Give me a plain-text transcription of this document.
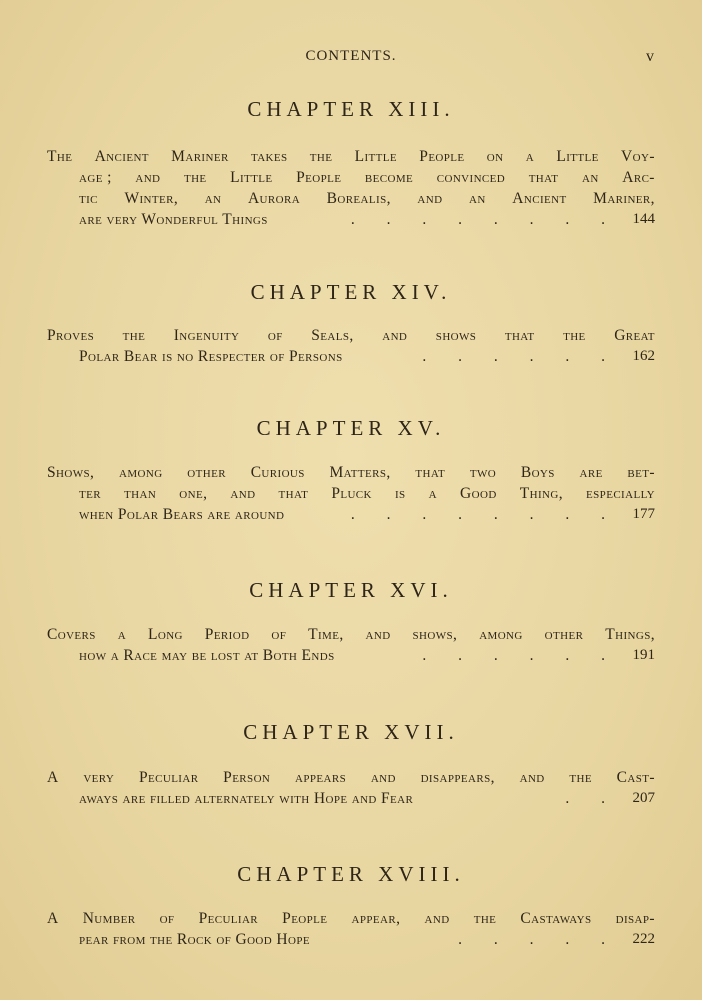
CONTENTS.	v
CHAPTER XIII.
The Ancient Mariner takes the Little People on a Little Voy-
age ; and the Little People become convinced that an Arc-
tic Winter, an Aurora Borealis, and an Ancient Mariner,
are very Wonderful Things	. . . . . . . . 144
CHAPTER XIV.
Proves the Ingenuity of Seals, and shows that the Great
Polar Bear is no Respecter of Persons	. . . . . . 162
CHAPTER XV.
Shows, among other Curious Matters, that two Boys are bet-
ter than one, and that Pluck is a Good Thing, especially
when Polar Bears are around	. . . . . . . . 177
CHAPTER XVI.
Covers a Long Period of Time, and shows, among other Things,
how a Race may be lost at Both Ends	. . . . . . 191
CHAPTER XVII.
A very Peculiar Person appears and disappears, and the Cast-
aways are filled alternately with Hope and Fear	. . 207
CHAPTER XVIII.
A Number of Peculiar People appear, and the Castaways disap-
pear from the Rock of Good Hope	. . . . . 222
